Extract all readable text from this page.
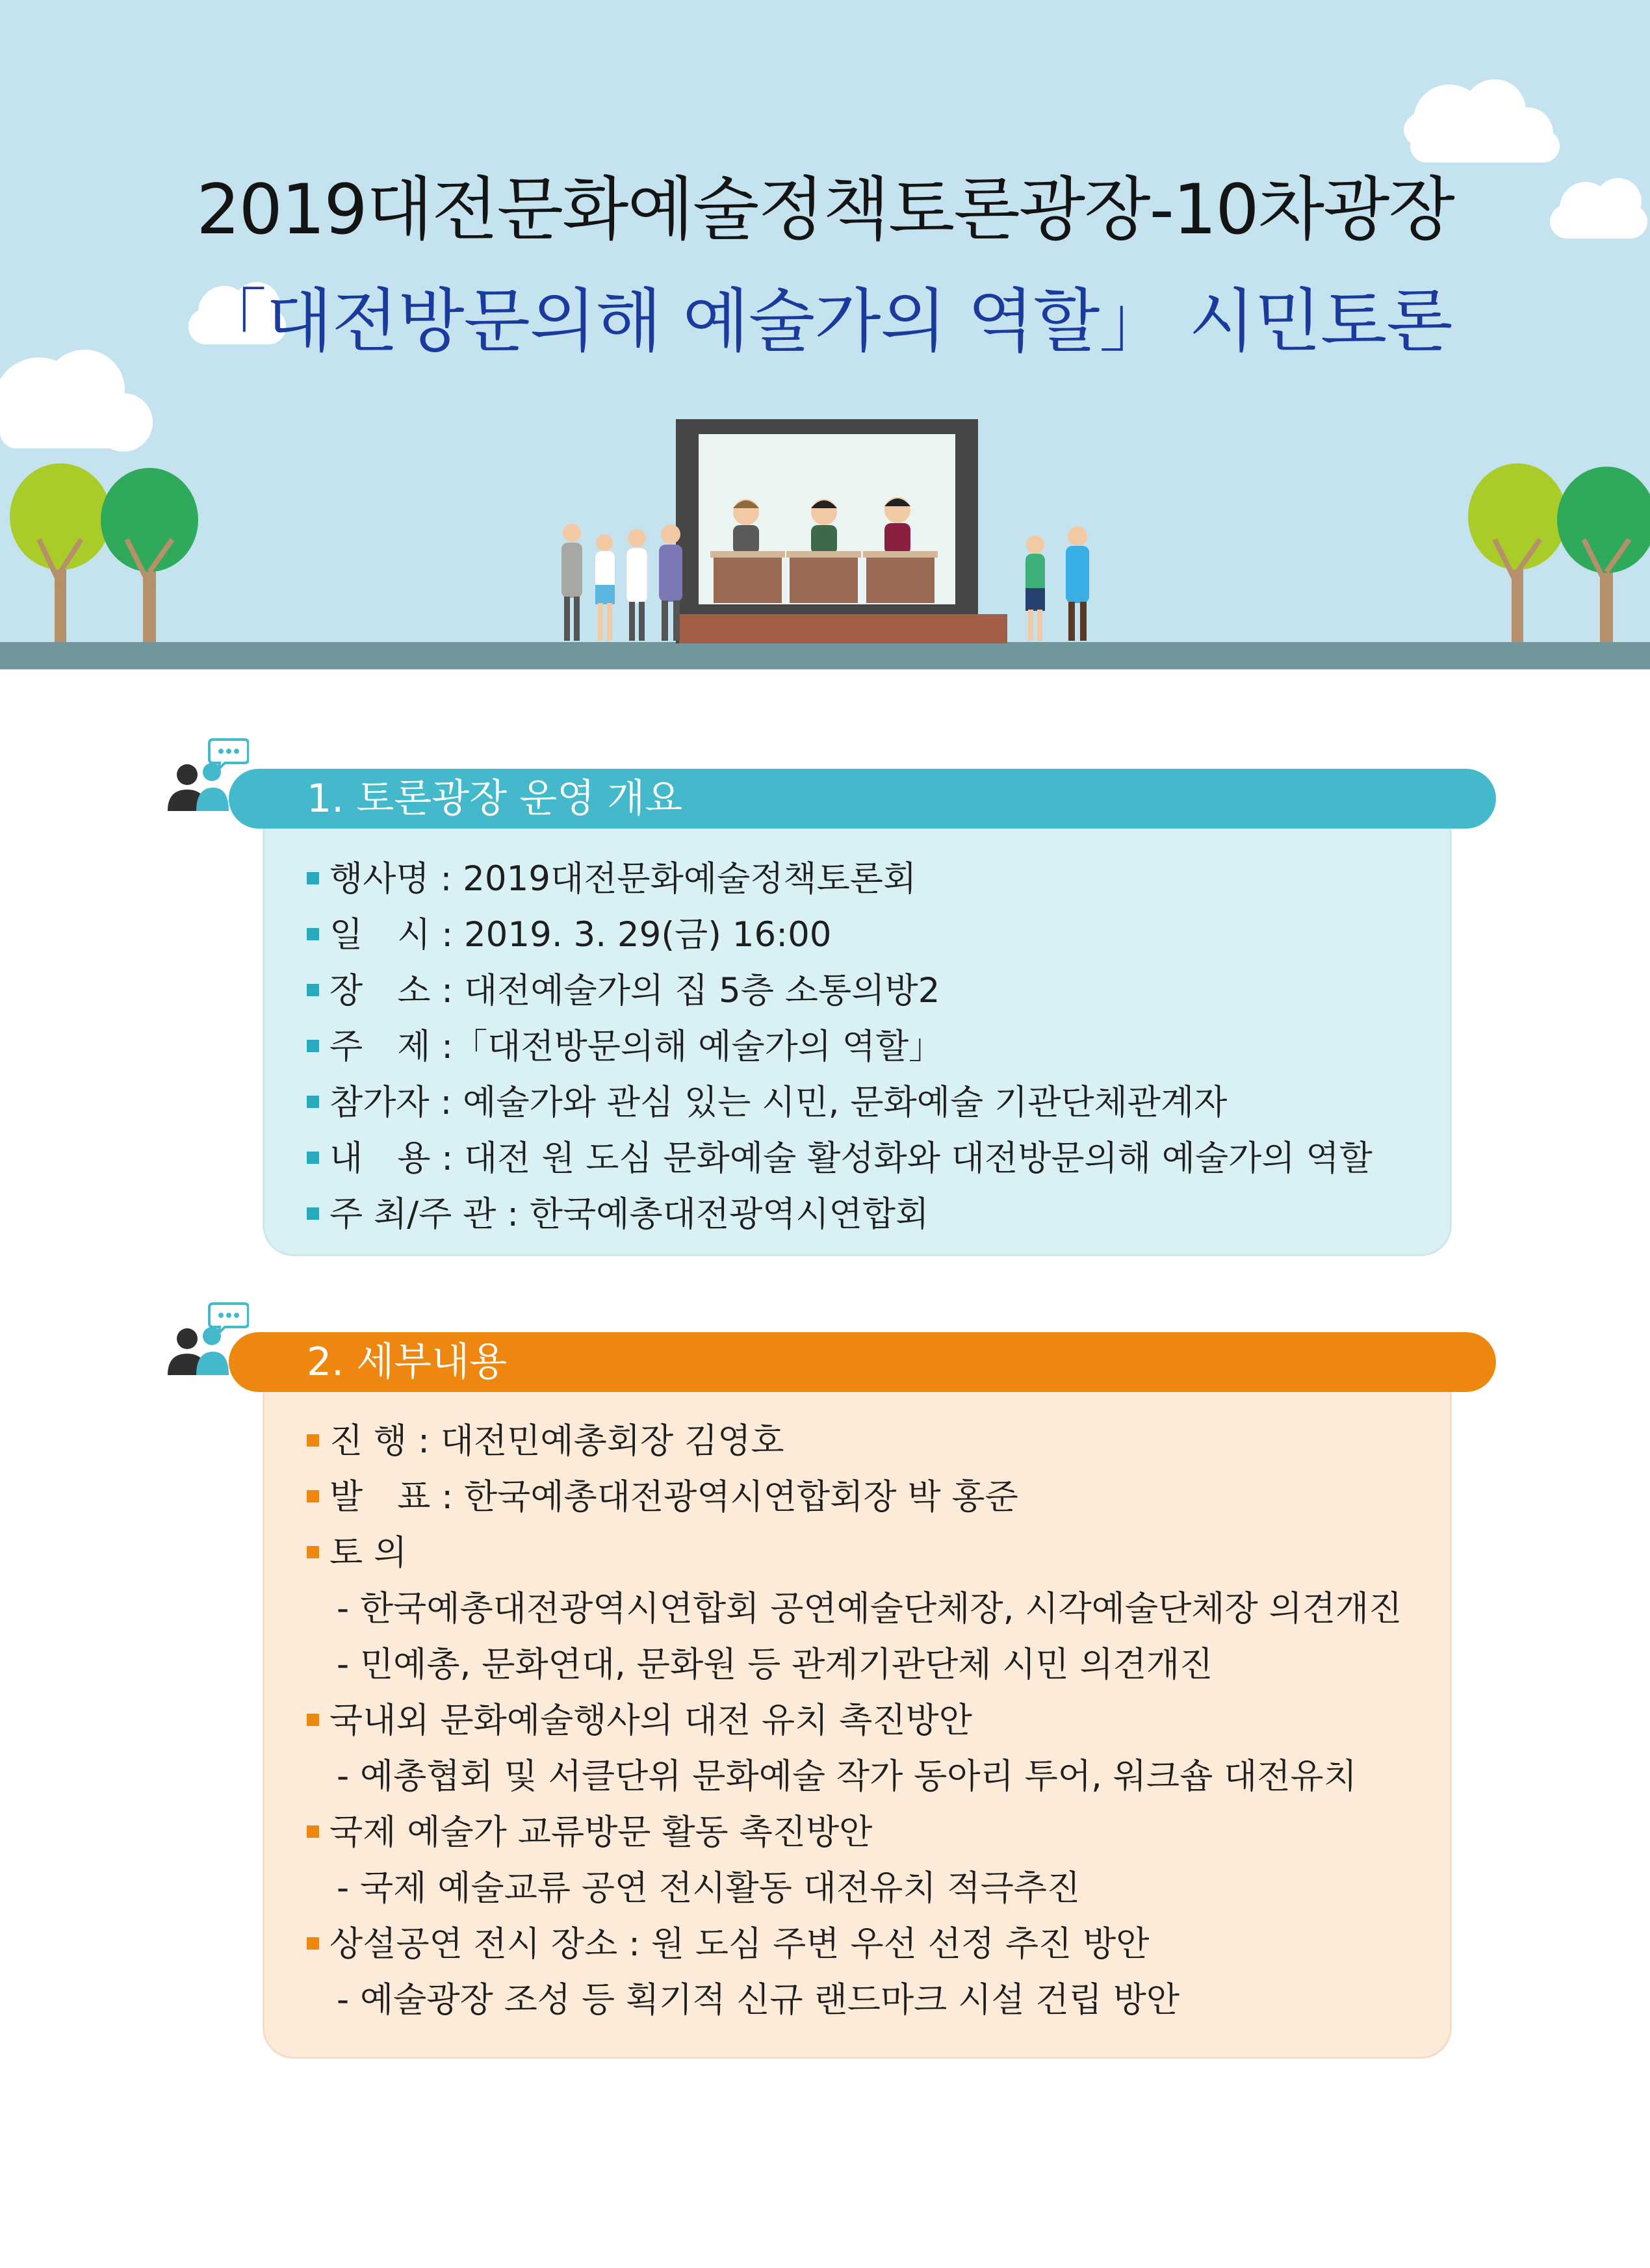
2019대전문화예술정책토론광장-10차광장
「대전방문의해 예술가의 역할」 시민토론
1. 토론광장 운영 개요
행사명 : 2019대전문화예술정책토론회
일　시 : 2019. 3. 29(금) 16:00
장　소 : 대전예술가의 집 5층 소통의방2
주　제 :「대전방문의해 예술가의 역할」
참가자 : 예술가와 관심 있는 시민, 문화예술 기관단체관계자
내　용 : 대전 원 도심 문화예술 활성화와 대전방문의해 예술가의 역할
주 최/주 관 : 한국예총대전광역시연합회
2. 세부내용
진 행 : 대전민예총회장 김영호
발　표 : 한국예총대전광역시연합회장 박 홍준
토 의
- 한국예총대전광역시연합회 공연예술단체장, 시각예술단체장 의견개진
- 민예총, 문화연대, 문화원 등 관계기관단체 시민 의견개진
국내외 문화예술행사의 대전 유치 촉진방안
- 예총협회 및 서클단위 문화예술 작가 동아리 투어, 워크숍 대전유치
국제 예술가 교류방문 활동 촉진방안
- 국제 예술교류 공연 전시활동 대전유치 적극추진
상설공연 전시 장소 : 원 도심 주변 우선 선정 추진 방안
- 예술광장 조성 등 획기적 신규 랜드마크 시설 건립 방안
